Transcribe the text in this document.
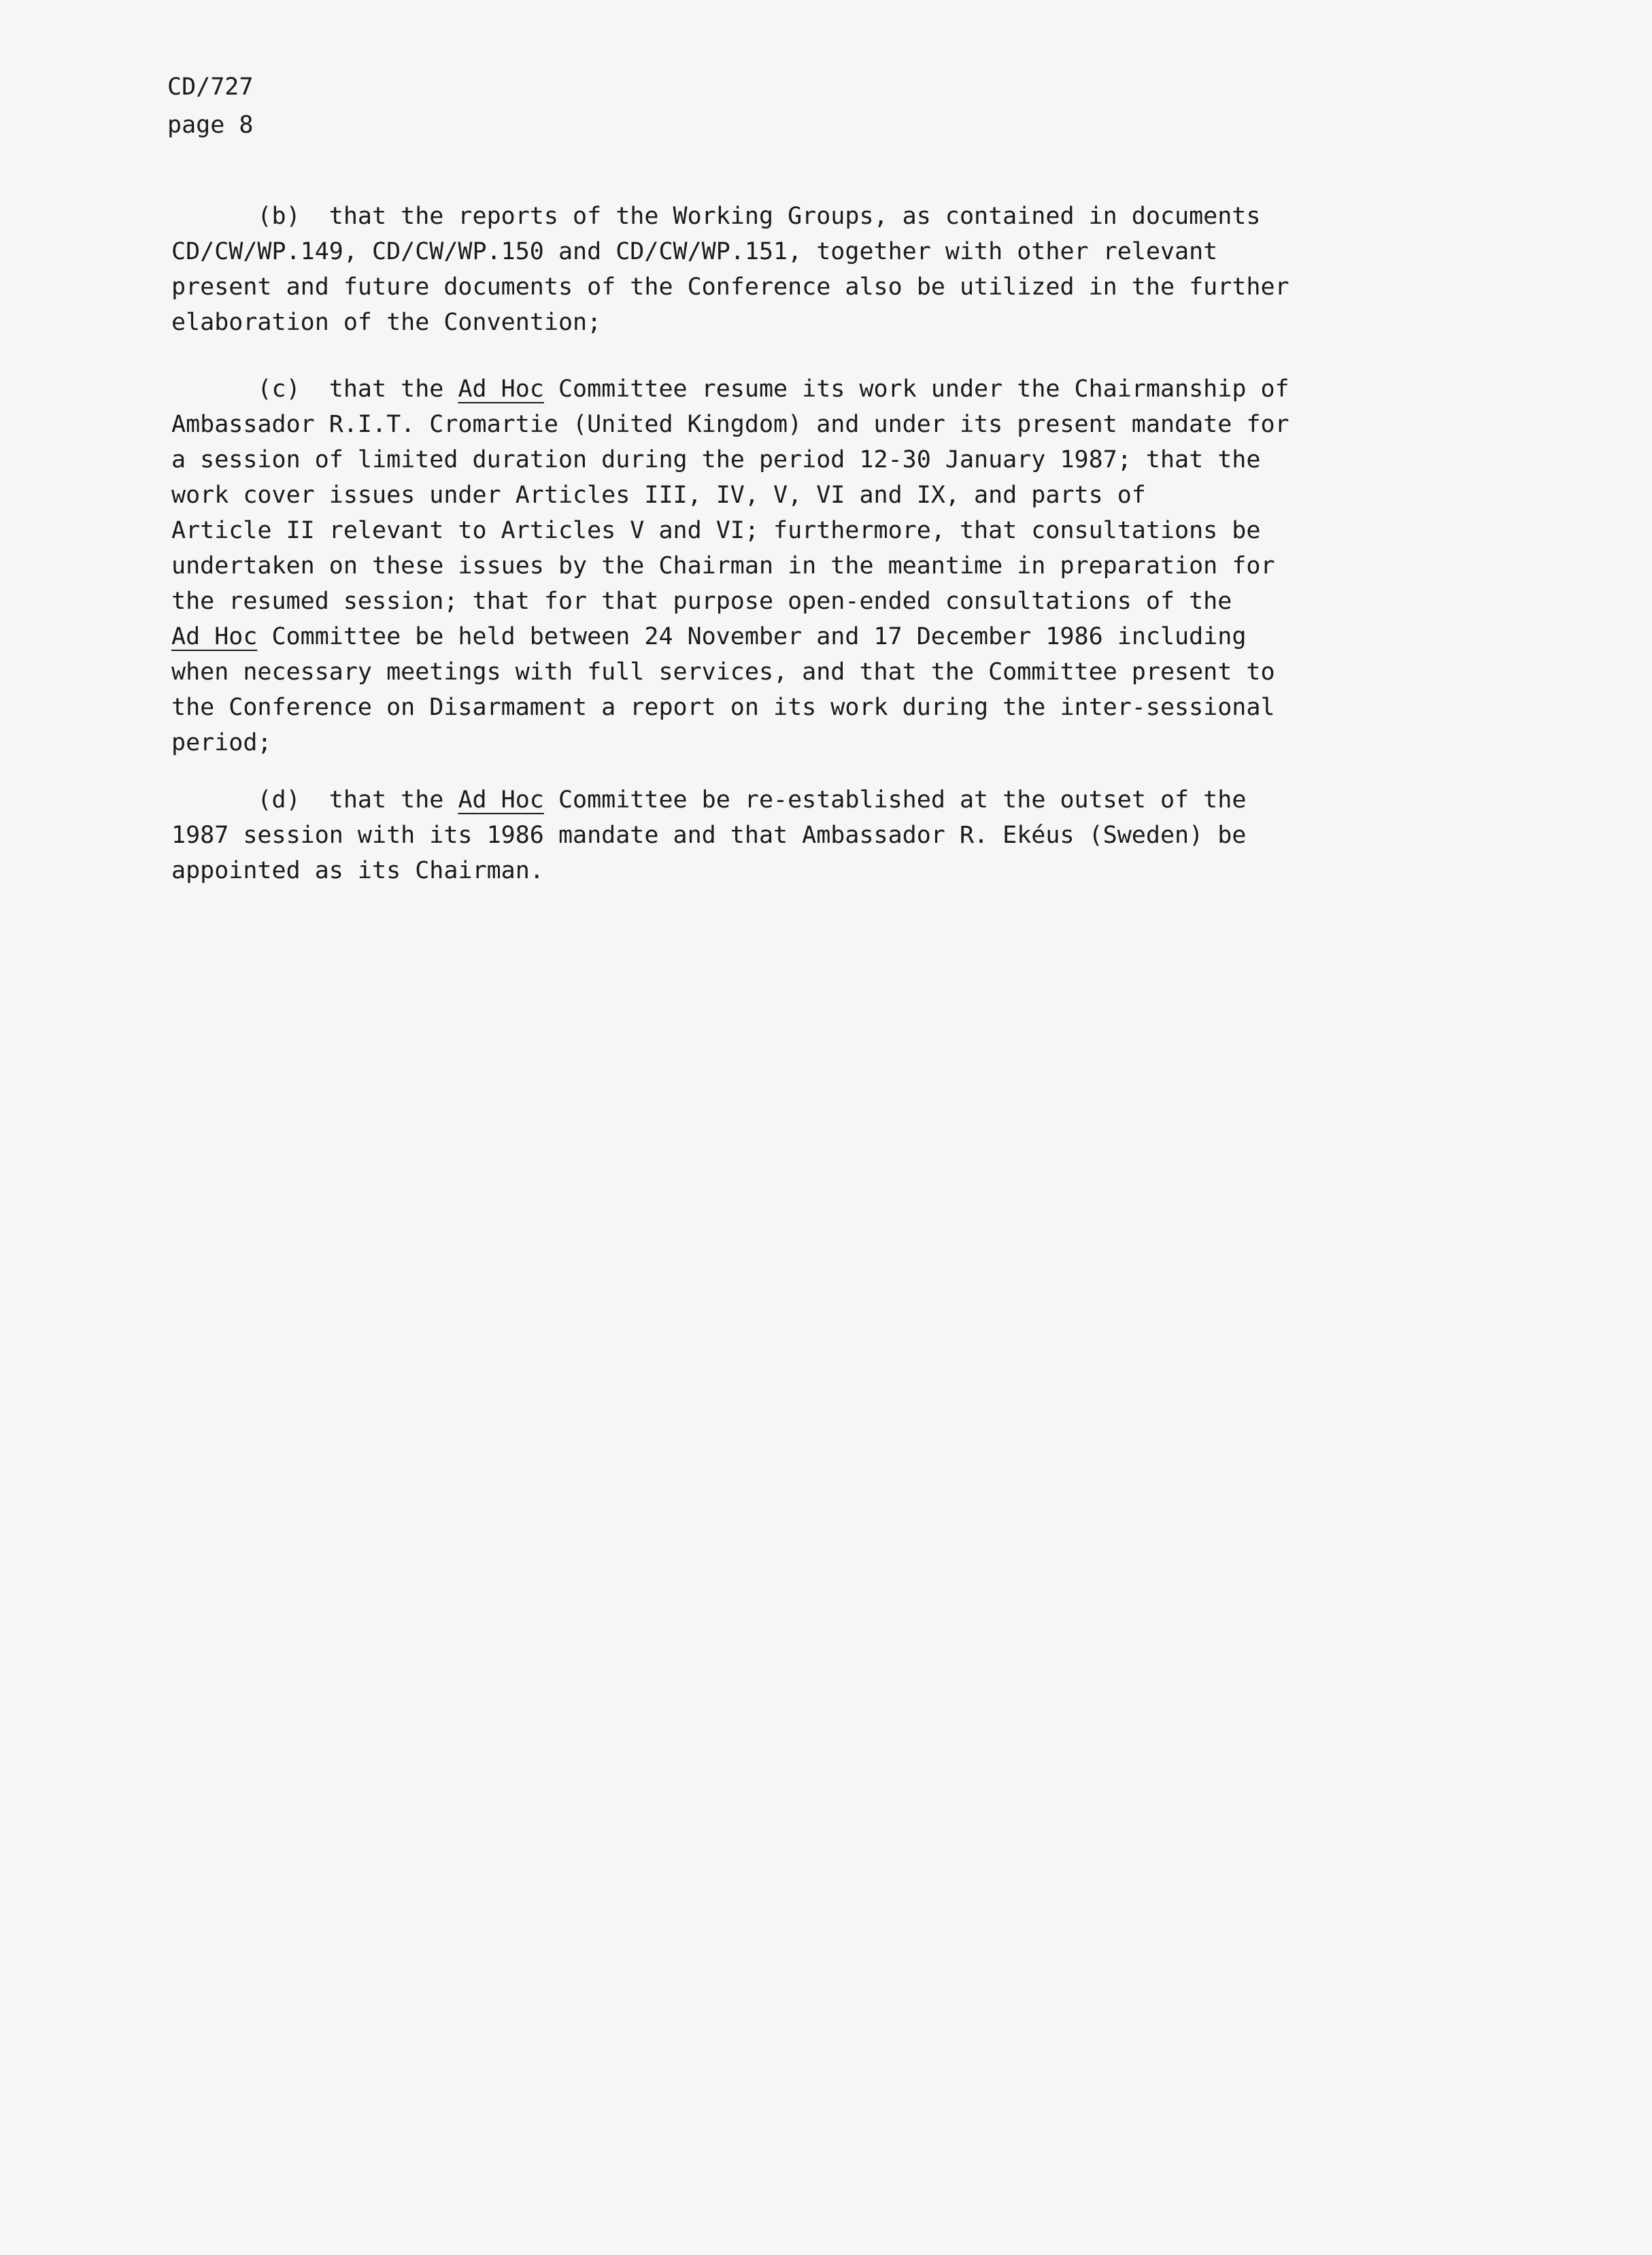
CD/727
page 8
(b)  that the reports of the Working Groups, as contained in documents
CD/CW/WP.149, CD/CW/WP.150 and CD/CW/WP.151, together with other relevant
present and future documents of the Conference also be utilized in the further
elaboration of the Convention;
(c)  that the Ad Hoc Committee resume its work under the Chairmanship of
Ambassador R.I.T. Cromartie (United Kingdom) and under its present mandate for
a session of limited duration during the period 12-30 January 1987; that the
work cover issues under Articles III, IV, V, VI and IX, and parts of
Article II relevant to Articles V and VI; furthermore, that consultations be
undertaken on these issues by the Chairman in the meantime in preparation for
the resumed session; that for that purpose open-ended consultations of the
Ad Hoc Committee be held between 24 November and 17 December 1986 including
when necessary meetings with full services, and that the Committee present to
the Conference on Disarmament a report on its work during the inter-sessional
period;
(d)  that the Ad Hoc Committee be re-established at the outset of the
1987 session with its 1986 mandate and that Ambassador R. Ekéus (Sweden) be
appointed as its Chairman.
